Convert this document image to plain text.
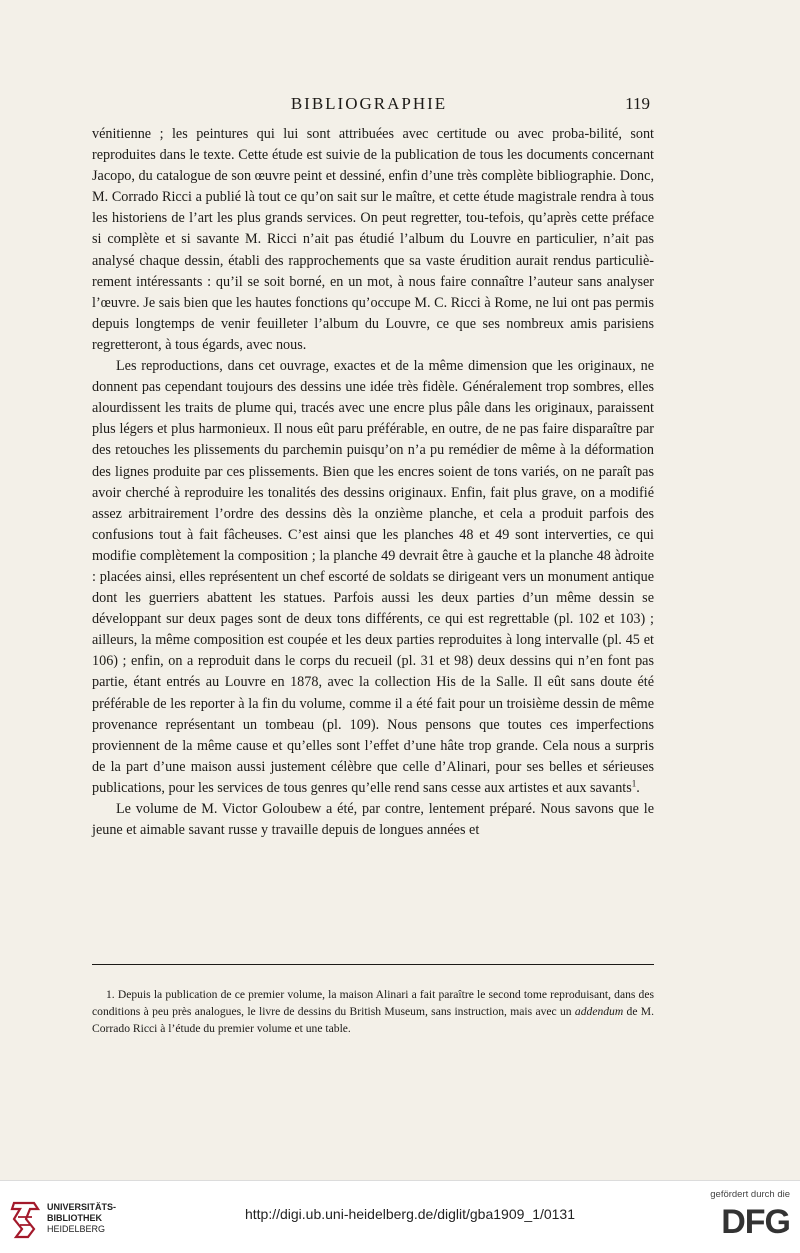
BIBLIOGRAPHIE	119

vénitienne ; les peintures qui lui sont attribuées avec certitude ou avec proba-bilité, sont reproduites dans le texte. Cette étude est suivie de la publication de tous les documents concernant Jacopo, du catalogue de son œuvre peint et dessiné, enfin d’une très complète bibliographie. Donc, M. Corrado Ricci a publié là tout ce qu’on sait sur le maître, et cette étude magistrale rendra à tous les historiens de l’art les plus grands services. On peut regretter, tou-tefois, qu’après cette préface si complète et si savante M. Ricci n’ait pas étudié l’album du Louvre en particulier, n’ait pas analysé chaque dessin, établi des rapprochements que sa vaste érudition aurait rendus particuliè-rement intéressants : qu’il se soit borné, en un mot, à nous faire connaître l’auteur sans analyser l’œuvre. Je sais bien que les hautes fonctions qu’occupe M. C. Ricci à Rome, ne lui ont pas permis depuis longtemps de venir feuilleter l’album du Louvre, ce que ses nombreux amis parisiens regretteront, à tous égards, avec nous.

Les reproductions, dans cet ouvrage, exactes et de la même dimension que les originaux, ne donnent pas cependant toujours des dessins une idée très fidèle. Généralement trop sombres, elles alourdissent les traits de plume qui, tracés avec une encre plus pâle dans les originaux, paraissent plus légers et plus harmonieux. Il nous eût paru préférable, en outre, de ne pas faire disparaître par des retouches les plissements du parchemin puisqu’on n’a pu remédier de même à la déformation des lignes produite par ces plissements. Bien que les encres soient de tons variés, on ne paraît pas avoir cherché à reproduire les tonalités des dessins originaux. Enfin, fait plus grave, on a modifié assez arbitrairement l’ordre des dessins dès la onzième planche, et cela a produit parfois des confusions tout à fait fâcheuses. C’est ainsi que les planches 48 et 49 sont interverties, ce qui modifie complètement la composition ; la planche 49 devrait être à gauche et la planche 48 àdroite : placées ainsi, elles représentent un chef escorté de soldats se dirigeant vers un monument antique dont les guerriers abattent les statues. Parfois aussi les deux parties d’un même dessin se développant sur deux pages sont de deux tons différents, ce qui est regrettable (pl. 102 et 103) ; ailleurs, la même composition est coupée et les deux parties reproduites à long intervalle (pl. 45 et 106) ; enfin, on a reproduit dans le corps du recueil (pl. 31 et 98) deux dessins qui n’en font pas partie, étant entrés au Louvre en 1878, avec la collection His de la Salle. Il eût sans doute été préférable de les reporter à la fin du volume, comme il a été fait pour un troisième dessin de même provenance représentant un tombeau (pl. 109). Nous pensons que toutes ces imperfections proviennent de la même cause et qu’elles sont l’effet d’une hâte trop grande. Cela nous a surpris de la part d’une maison aussi justement célèbre que celle d’Alinari, pour ses belles et sérieuses publications, pour les services de tous genres qu’elle rend sans cesse aux artistes et aux savants$^1$.

Le volume de M. Victor Goloubew a été, par contre, lentement préparé. Nous savons que le jeune et aimable savant russe y travaille depuis de longues années et

1. Depuis la publication de ce premier volume, la maison Alinari a fait paraître le second tome reproduisant, dans des conditions à peu près analogues, le livre de dessins du British Museum, sans instruction, mais avec un addendum de M. Corrado Ricci à l’étude du premier volume et une table.

UNIVERSITÄTS-
BIBLIOTHEK
HEIDELBERG
http://digi.ub.uni-heidelberg.de/diglit/gba1909_1/0131
gefördert durch die
DFG
